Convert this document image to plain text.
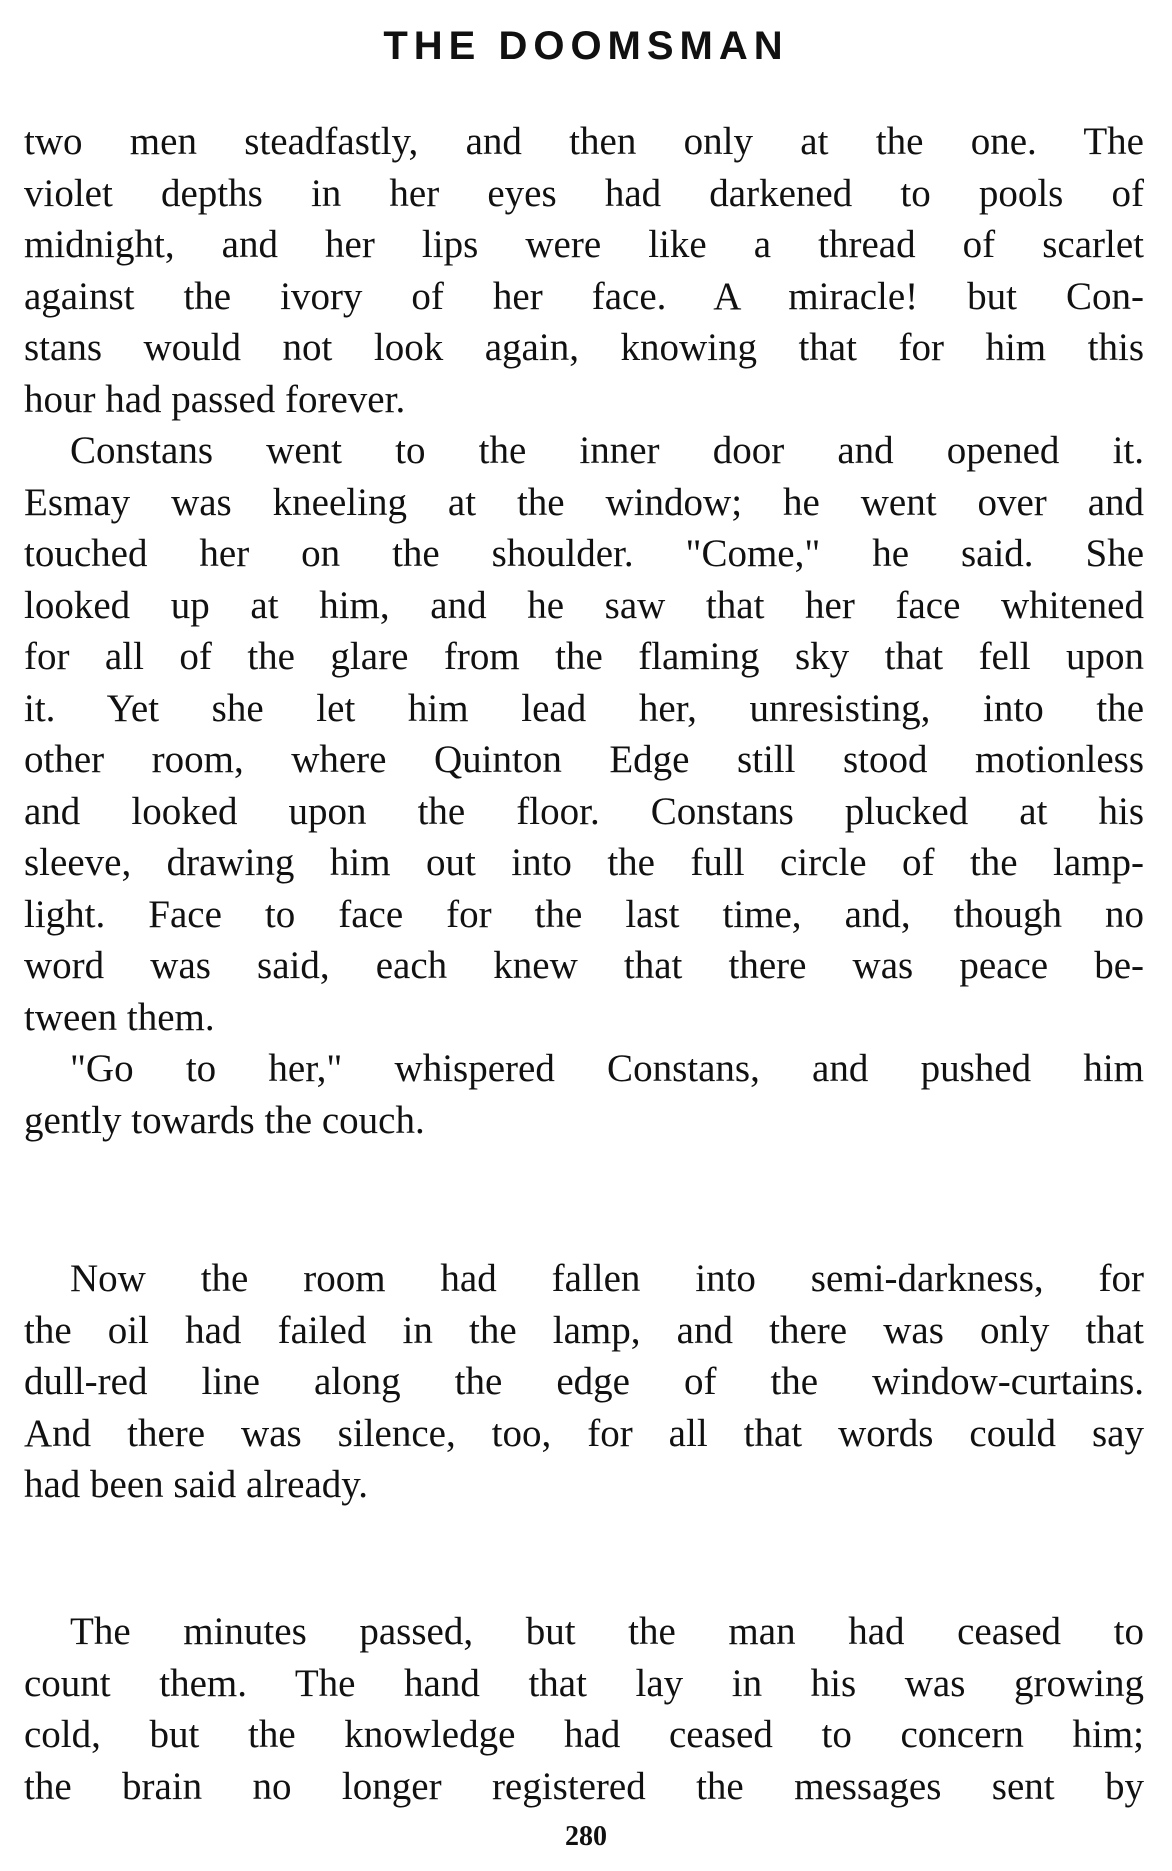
THE DOOMSMAN
two men steadfastly, and then only at the one. The
violet depths in her eyes had darkened to pools of
midnight, and her lips were like a thread of scarlet
against the ivory of her face. A miracle! but Con-
stans would not look again, knowing that for him this
hour had passed forever.
Constans went to the inner door and opened it.
Esmay was kneeling at the window; he went over and
touched her on the shoulder. "Come," he said. She
looked up at him, and he saw that her face whitened
for all of the glare from the flaming sky that fell upon
it. Yet she let him lead her, unresisting, into the
other room, where Quinton Edge still stood motionless
and looked upon the floor. Constans plucked at his
sleeve, drawing him out into the full circle of the lamp-
light. Face to face for the last time, and, though no
word was said, each knew that there was peace be-
tween them.
"Go to her," whispered Constans, and pushed him
gently towards the couch.
Now the room had fallen into semi-darkness, for
the oil had failed in the lamp, and there was only that
dull-red line along the edge of the window-curtains.
And there was silence, too, for all that words could say
had been said already.
The minutes passed, but the man had ceased to
count them. The hand that lay in his was growing
cold, but the knowledge had ceased to concern him;
the brain no longer registered the messages sent by
280
